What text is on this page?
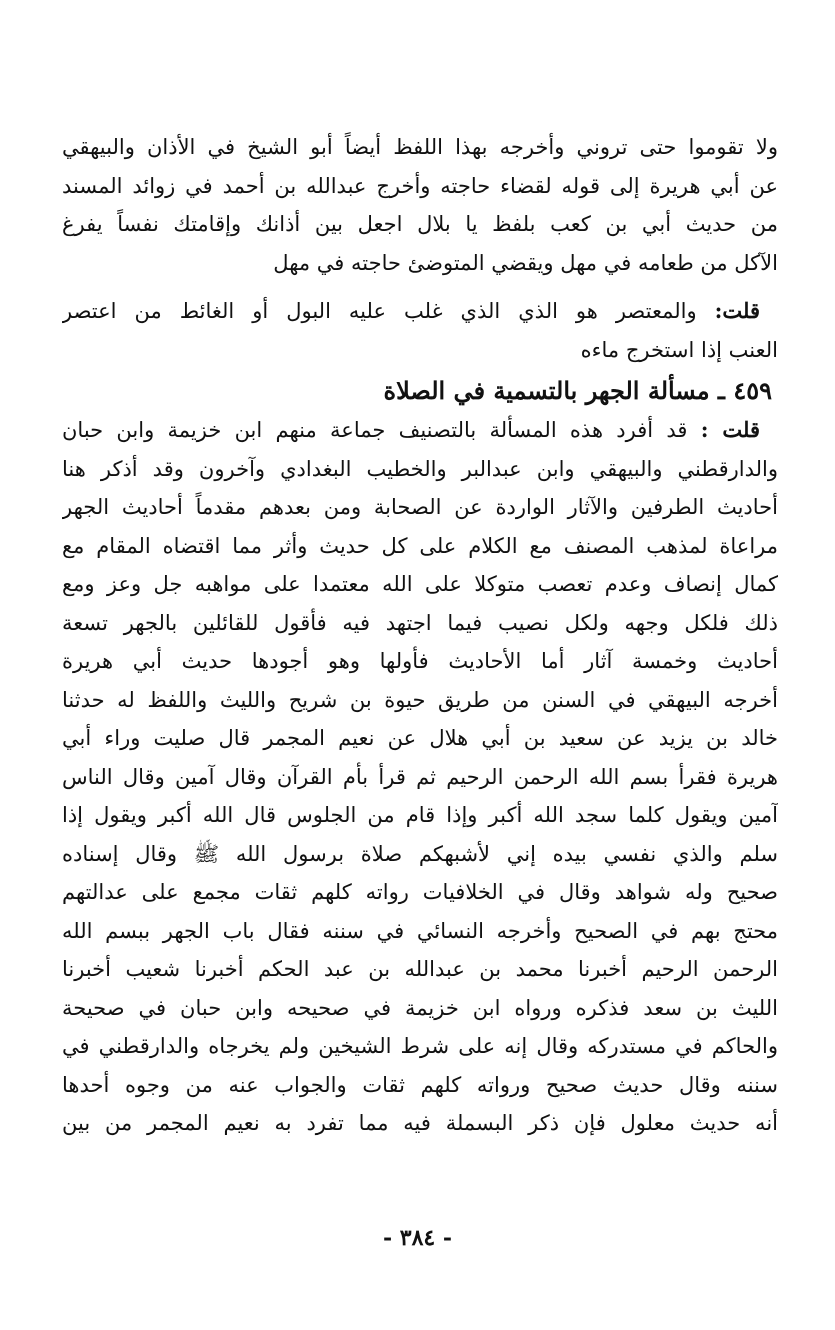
ولا تقوموا حتى تروني وأخرجه بهذا اللفظ أيضاً أبو الشيخ في الأذان والبيهقي
عن أبي هريرة إلى قوله لقضاء حاجته وأخرج عبدالله بن أحمد في زوائد المسند
من حديث أبي بن كعب بلفظ يا بلال اجعل بين أذانك وإقامتك نفساً يفرغ
الآكل من طعامه في مهل ويقضي المتوضئ حاجته في مهل

قلت: والمعتصر هو الذي الذي غلب عليه البول أو الغائط من اعتصر
العنب إذا استخرج ماءه

٤٥٩ ـ مسألة الجهر بالتسمية في الصلاة

قلت : قد أفرد هذه المسألة بالتصنيف جماعة منهم ابن خزيمة وابن حبان
والدارقطني والبيهقي وابن عبدالبر والخطيب البغدادي وآخرون وقد أذكر هنا
أحاديث الطرفين والآثار الواردة عن الصحابة ومن بعدهم مقدماً أحاديث الجهر
مراعاة لمذهب المصنف مع الكلام على كل حديث وأثر مما اقتضاه المقام مع
كمال إنصاف وعدم تعصب متوكلا على الله معتمدا على مواهبه جل وعز ومع
ذلك فلكل وجهه ولكل نصيب فيما اجتهد فيه فأقول للقائلين بالجهر تسعة
أحاديث وخمسة آثار أما الأحاديث فأولها وهو أجودها حديث أبي هريرة
أخرجه البيهقي في السنن من طريق حيوة بن شريح والليث واللفظ له حدثنا
خالد بن يزيد عن سعيد بن أبي هلال عن نعيم المجمر قال صليت وراء أبي
هريرة فقرأ بسم الله الرحمن الرحيم ثم قرأ بأم القرآن وقال آمين وقال الناس
آمين ويقول كلما سجد الله أكبر وإذا قام من الجلوس قال الله أكبر ويقول إذا
سلم والذي نفسي بيده إني لأشبهكم صلاة برسول الله ﷺ وقال إسناده
صحيح وله شواهد وقال في الخلافيات رواته كلهم ثقات مجمع على عدالتهم
محتج بهم في الصحيح وأخرجه النسائي في سننه فقال باب الجهر ببسم الله
الرحمن الرحيم أخبرنا محمد بن عبدالله بن عبد الحكم أخبرنا شعيب أخبرنا
الليث بن سعد فذكره ورواه ابن خزيمة في صحيحه وابن حبان في صحيحة
والحاكم في مستدركه وقال إنه على شرط الشيخين ولم يخرجاه والدارقطني في
سننه وقال حديث صحيح ورواته كلهم ثقات والجواب عنه من وجوه أحدها
أنه حديث معلول فإن ذكر البسملة فيه مما تفرد به نعيم المجمر من بين

- ٣٨٤ -
